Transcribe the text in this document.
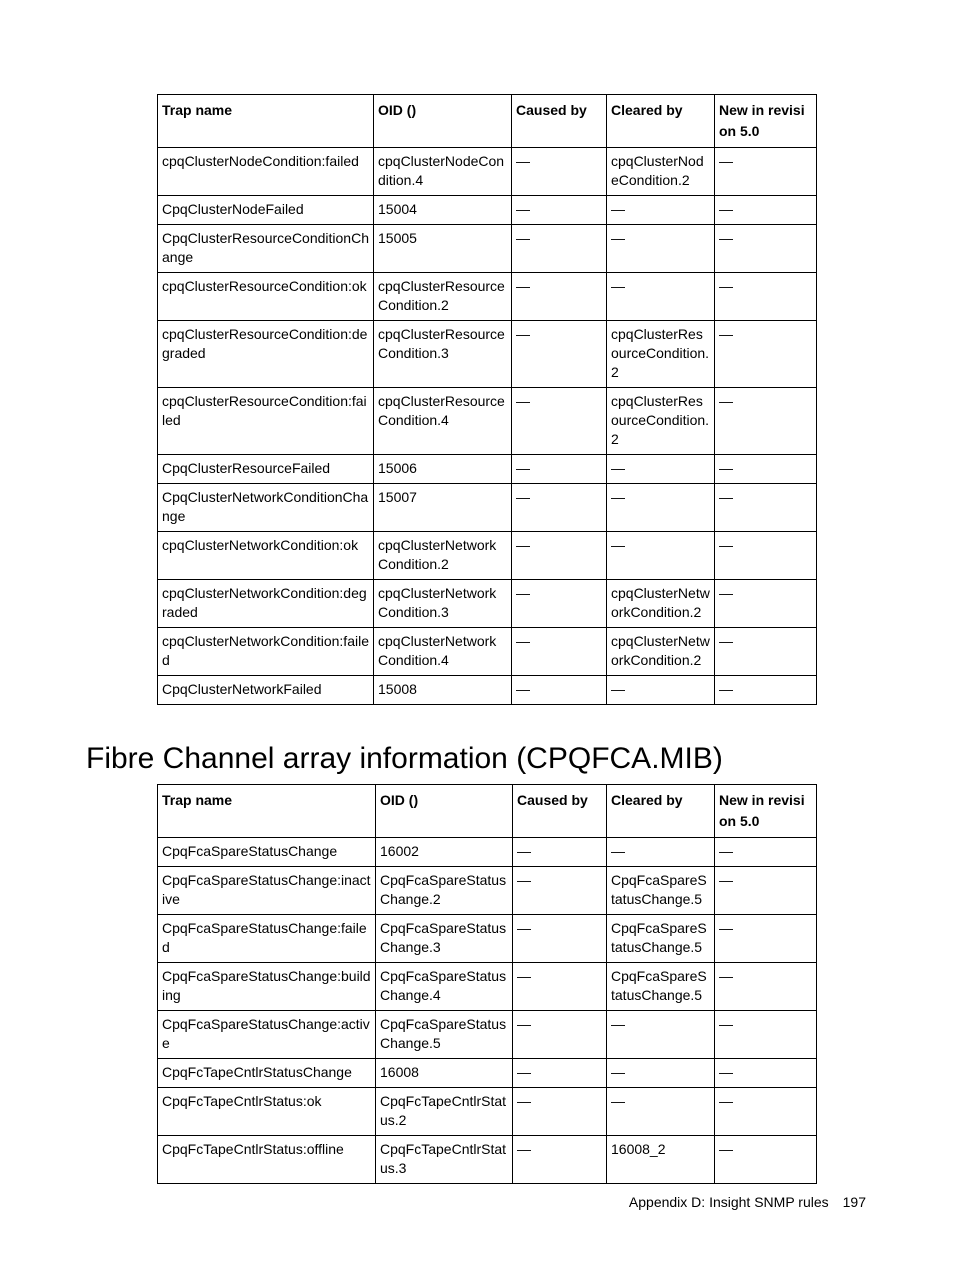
Trap name	OID ()	Caused by	Cleared by	New in revision 5.0
cpqClusterNodeCondition:failed	cpqClusterNodeCondition.4	—	cpqClusterNodeCondition.2	—
CpqClusterNodeFailed	15004	—	—	—
CpqClusterResourceConditionChange	15005	—	—	—
cpqClusterResourceCondition:ok	cpqClusterResource Condition.2	—	—	—
cpqClusterResourceCondition:degraded	cpqClusterResource Condition.3	—	cpqClusterResourceCondition.2	—
cpqClusterResourceCondition:failed	cpqClusterResource Condition.4	—	cpqClusterResourceCondition.2	—
CpqClusterResourceFailed	15006	—	—	—
CpqClusterNetworkConditionChange	15007	—	—	—
cpqClusterNetworkCondition:ok	cpqClusterNetwork Condition.2	—	—	—
cpqClusterNetworkCondition:degraded	cpqClusterNetwork Condition.3	—	cpqClusterNetworkCondition.2	—
cpqClusterNetworkCondition:failed	cpqClusterNetwork Condition.4	—	cpqClusterNetworkCondition.2	—
CpqClusterNetworkFailed	15008	—	—	—
Fibre Channel array information (CPQFCA.MIB)
Trap name	OID ()	Caused by	Cleared by	New in revision 5.0
CpqFcaSpareStatusChange	16002	—	—	—
CpqFcaSpareStatusChange:inactive	CpqFcaSpareStatus Change.2	—	CpqFcaSpareStatusChange.5	—
CpqFcaSpareStatusChange:failed	CpqFcaSpareStatus Change.3	—	CpqFcaSpareStatusChange.5	—
CpqFcaSpareStatusChange:building	CpqFcaSpareStatus Change.4	—	CpqFcaSpareStatusChange.5	—
CpqFcaSpareStatusChange:active	CpqFcaSpareStatus Change.5	—	—	—
CpqFcTapeCntlrStatusChange	16008	—	—	—
CpqFcTapeCntlrStatus:ok	CpqFcTapeCntlrStatus.2	—	—	—
CpqFcTapeCntlrStatus:offline	CpqFcTapeCntlrStatus.3	—	16008_2	—
Appendix D: Insight SNMP rules 197
